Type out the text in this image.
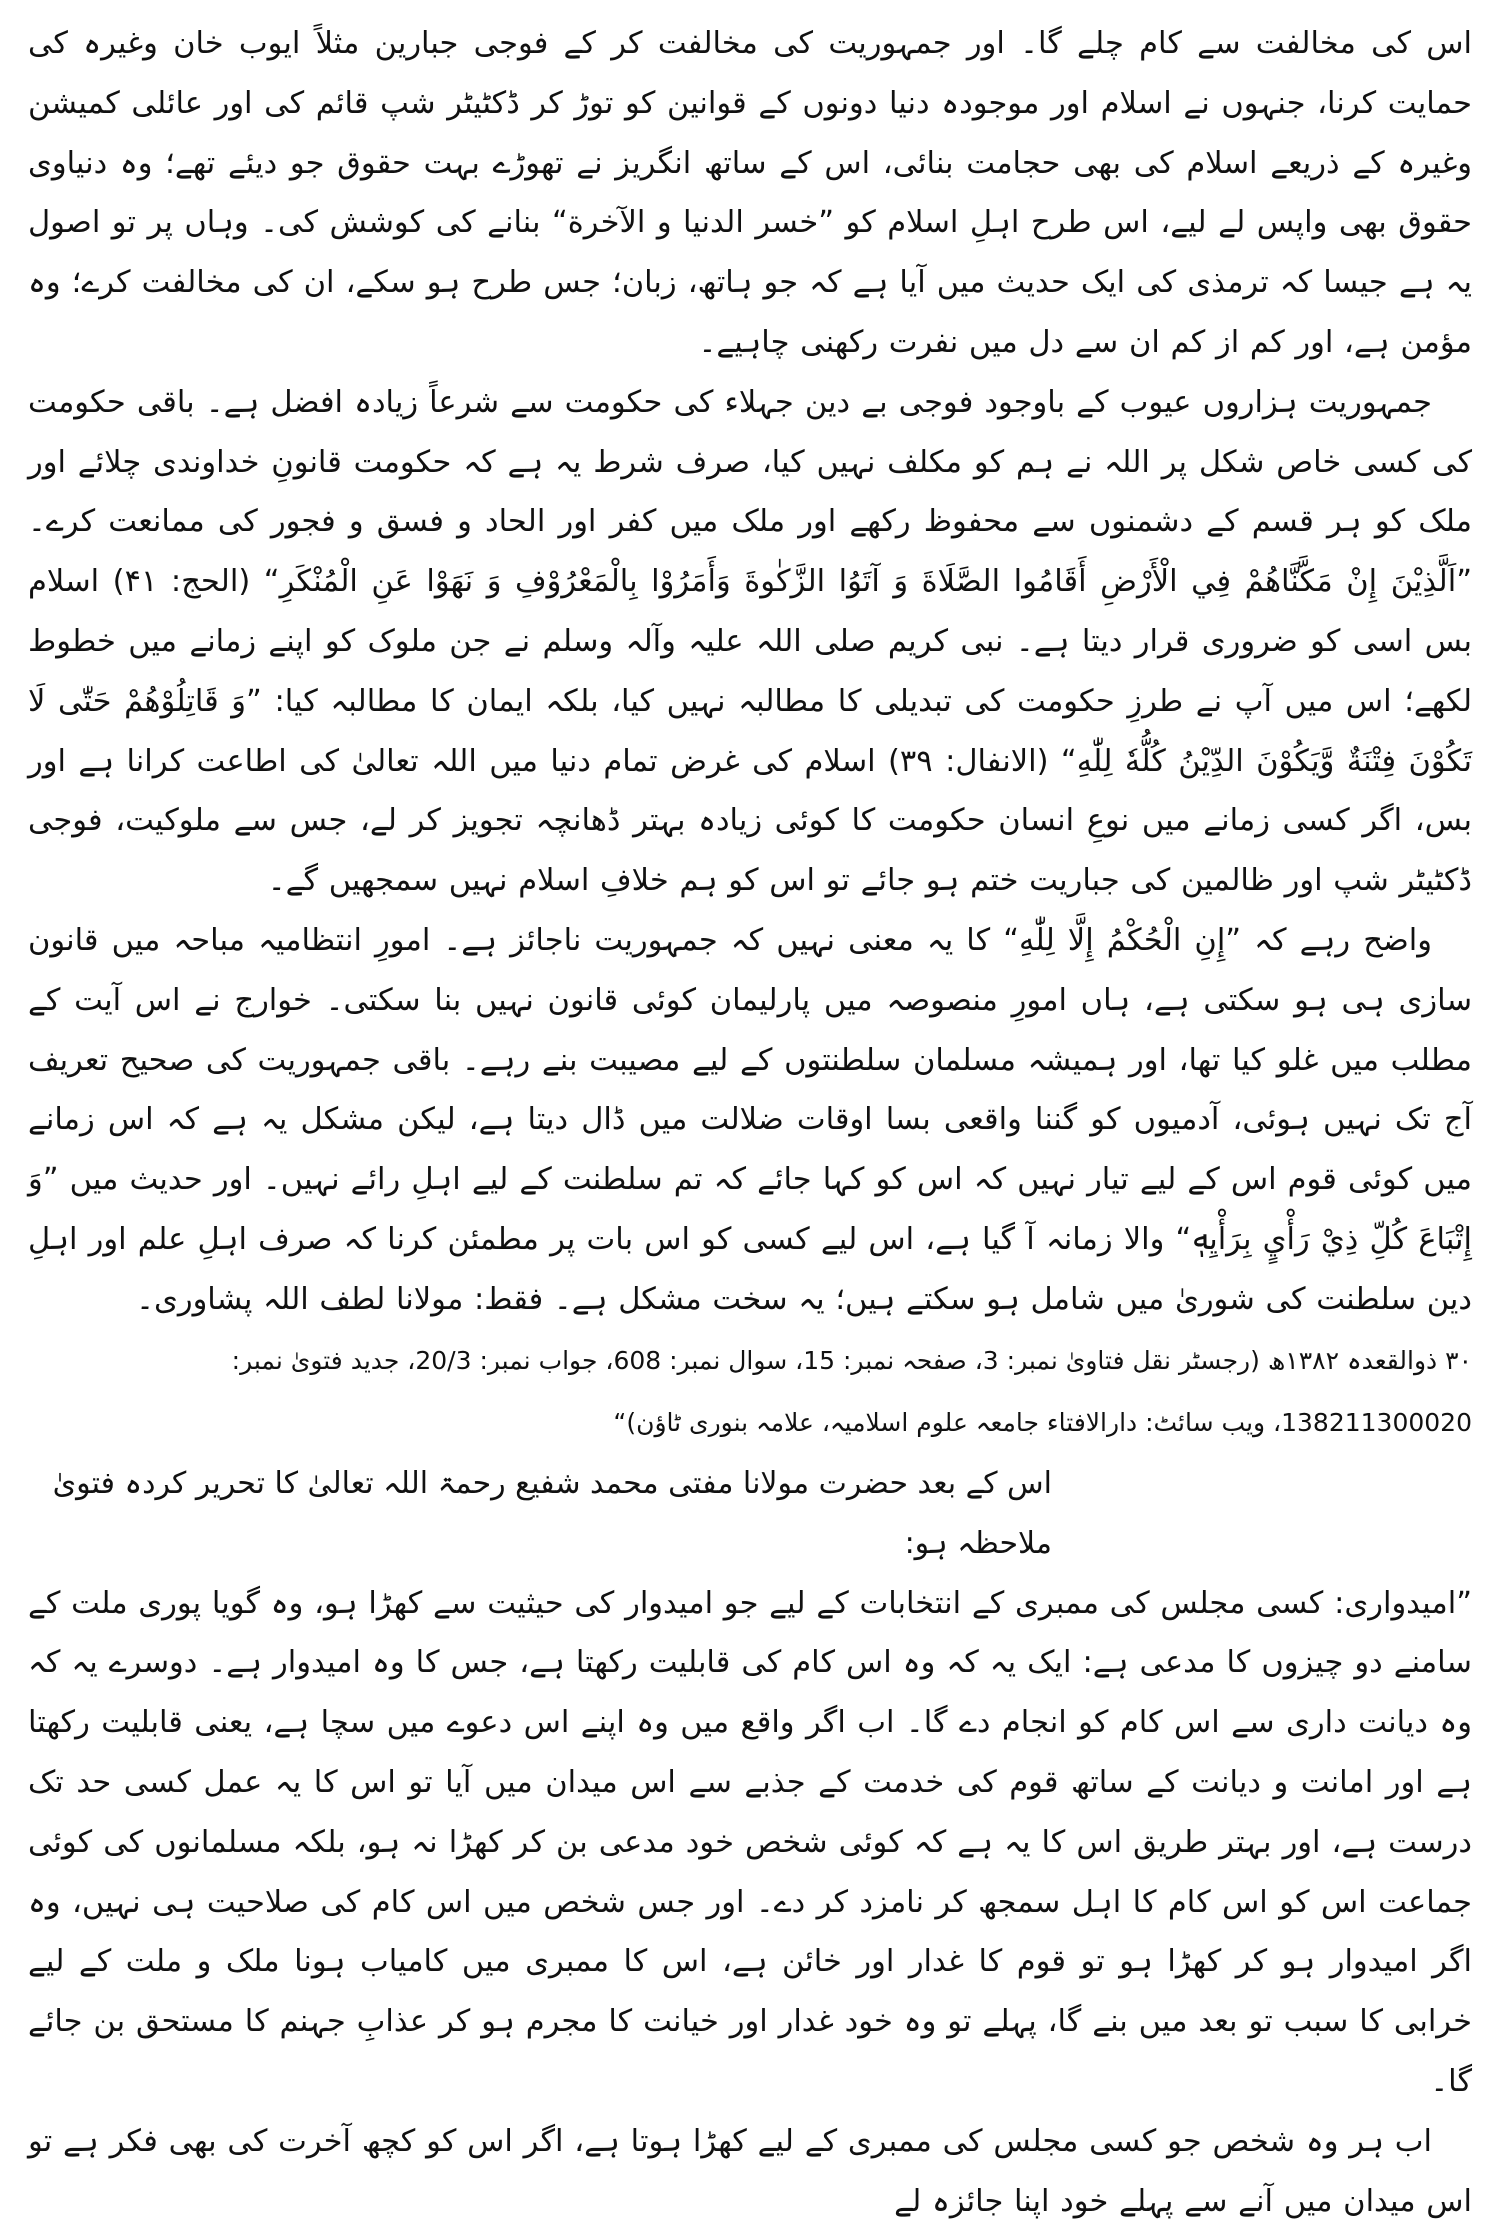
اس کی مخالفت سے کام چلے گا۔ اور جمہوریت کی مخالفت کر کے فوجی جبارین مثلاً ایوب خان وغیرہ کی حمایت کرنا، جنہوں نے اسلام اور موجودہ دنیا دونوں کے قوانین کو توڑ کر ڈکٹیٹر شپ قائم کی اور عائلی کمیشن وغیرہ کے ذریعے اسلام کی بھی حجامت بنائی، اس کے ساتھ انگریز نے تھوڑے بہت حقوق جو دیئے تھے؛ وہ دنیاوی حقوق بھی واپس لے لیے، اس طرح اہلِ اسلام کو ”خسر الدنیا و الآخرة“ بنانے کی کوشش کی۔ وہاں پر تو اصول یہ ہے جیسا کہ ترمذی کی ایک حدیث میں آیا ہے کہ جو ہاتھ، زبان؛ جس طرح ہو سکے، ان کی مخالفت کرے؛ وہ مؤمن ہے، اور کم از کم ان سے دل میں نفرت رکھنی چاہیے۔

جمہوریت ہزاروں عیوب کے باوجود فوجی بے دین جہلاء کی حکومت سے شرعاً زیادہ افضل ہے۔ باقی حکومت کی کسی خاص شکل پر اللہ نے ہم کو مکلف نہیں کیا، صرف شرط یہ ہے کہ حکومت قانونِ خداوندی چلائے اور ملک کو ہر قسم کے دشمنوں سے محفوظ رکھے اور ملک میں کفر اور الحاد و فسق و فجور کی ممانعت کرے۔ ”اَلَّذِيْنَ إِنْ مَكَّنَّاهُمْ فِي الْأَرْضِ أَقَامُوا الصَّلَاةَ وَ آتَوُا الزَّكٰوةَ وَأَمَرُوْا بِالْمَعْرُوْفِ وَ نَهَوْا عَنِ الْمُنْكَرِ“ (الحج: ۴۱) اسلام بس اسی کو ضروری قرار دیتا ہے۔ نبی کریم صلی اللہ علیہ وآلہ وسلم نے جن ملوک کو اپنے زمانے میں خطوط لکھے؛ اس میں آپ نے طرزِ حکومت کی تبدیلی کا مطالبہ نہیں کیا، بلکہ ایمان کا مطالبہ کیا: ”وَ قَاتِلُوْهُمْ حَتّٰى لَا تَكُوْنَ فِتْنَةٌ وَّيَكُوْنَ الدِّيْنُ كُلُّهٗ لِلّٰهِ“ (الانفال: ۳۹) اسلام کی غرض تمام دنیا میں اللہ تعالیٰ کی اطاعت کرانا ہے اور بس، اگر کسی زمانے میں نوعِ انسان حکومت کا کوئی زیادہ بہتر ڈھانچہ تجویز کر لے، جس سے ملوکیت، فوجی ڈکٹیٹر شپ اور ظالمین کی جباریت ختم ہو جائے تو اس کو ہم خلافِ اسلام نہیں سمجھیں گے۔

واضح رہے کہ ”إِنِ الْحُكْمُ إِلَّا لِلّٰهِ“ کا یہ معنی نہیں کہ جمہوریت ناجائز ہے۔ امورِ انتظامیہ مباحہ میں قانون سازی ہی ہو سکتی ہے، ہاں امورِ منصوصہ میں پارلیمان کوئی قانون نہیں بنا سکتی۔ خوارج نے اس آیت کے مطلب میں غلو کیا تھا، اور ہمیشہ مسلمان سلطنتوں کے لیے مصیبت بنے رہے۔ باقی جمہوریت کی صحیح تعریف آج تک نہیں ہوئی، آدمیوں کو گننا واقعی بسا اوقات ضلالت میں ڈال دیتا ہے، لیکن مشکل یہ ہے کہ اس زمانے میں کوئی قوم اس کے لیے تیار نہیں کہ اس کو کہا جائے کہ تم سلطنت کے لیے اہلِ رائے نہیں۔ اور حدیث میں ”وَ إِتْبَاعَ كُلِّ ذِيْ رَأْيٍ بِرَأْيِهٖ“ والا زمانہ آ گیا ہے، اس لیے کسی کو اس بات پر مطمئن کرنا کہ صرف اہلِ علم اور اہلِ دین سلطنت کی شوریٰ میں شامل ہو سکتے ہیں؛ یہ سخت مشکل ہے۔ فقط: مولانا لطف اللہ پشاوری۔

۳۰ ذوالقعدہ ۱۳۸۲ھ (رجسٹر نقل فتاویٰ نمبر: 3، صفحہ نمبر: 15، سوال نمبر: 608، جواب نمبر: 20/3، جدید فتویٰ نمبر: 138211300020، ویب سائٹ: دارالافتاء جامعہ علوم اسلامیہ، علامہ بنوری ٹاؤن)“

اس کے بعد حضرت مولانا مفتی محمد شفیع رحمۃ اللہ تعالیٰ کا تحریر کردہ فتویٰ ملاحظہ ہو:

”امیدواری: کسی مجلس کی ممبری کے انتخابات کے لیے جو امیدوار کی حیثیت سے کھڑا ہو، وہ گویا پوری ملت کے سامنے دو چیزوں کا مدعی ہے: ایک یہ کہ وہ اس کام کی قابلیت رکھتا ہے، جس کا وہ امیدوار ہے۔ دوسرے یہ کہ وہ دیانت داری سے اس کام کو انجام دے گا۔ اب اگر واقع میں وہ اپنے اس دعوے میں سچا ہے، یعنی قابلیت رکھتا ہے اور امانت و دیانت کے ساتھ قوم کی خدمت کے جذبے سے اس میدان میں آیا تو اس کا یہ عمل کسی حد تک درست ہے، اور بہتر طریق اس کا یہ ہے کہ کوئی شخص خود مدعی بن کر کھڑا نہ ہو، بلکہ مسلمانوں کی کوئی جماعت اس کو اس کام کا اہل سمجھ کر نامزد کر دے۔ اور جس شخص میں اس کام کی صلاحیت ہی نہیں، وہ اگر امیدوار ہو کر کھڑا ہو تو قوم کا غدار اور خائن ہے، اس کا ممبری میں کامیاب ہونا ملک و ملت کے لیے خرابی کا سبب تو بعد میں بنے گا، پہلے تو وہ خود غدار اور خیانت کا مجرم ہو کر عذابِ جہنم کا مستحق بن جائے گا۔

اب ہر وہ شخص جو کسی مجلس کی ممبری کے لیے کھڑا ہوتا ہے، اگر اس کو کچھ آخرت کی بھی فکر ہے تو اس میدان میں آنے سے پہلے خود اپنا جائزہ لے
